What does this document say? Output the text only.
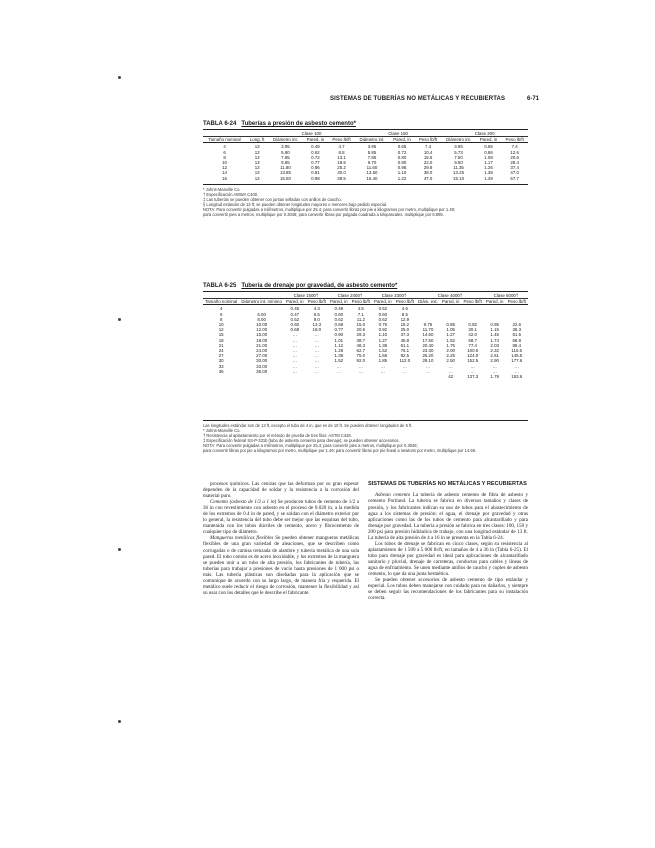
SISTEMAS DE TUBERÍAS NO METÁLICAS Y RECUBIERTAS	6-71
TABLA 6-24 Tuberías a presión de asbesto cemento*
		Clase 100			Clase 150			Clase 200		
Tamaño nominal	Long. ft	Diámetro int.	Pared, in	Peso lb/ft	Diámetro int.	Pared, in	Peso lb/ft	Diámetro int.	Pared, in	Peso lb/ft
4	13	3.95	0.49	4.7	3.95	0.65	7.4	3.95	0.65	7.4
6	13	5.90	0.62	8.8	5.85	0.72	10.4	5.73	0.86	12.6
8	13	7.85	0.72	13.1	7.85	0.80	15.5	7.50	1.08	20.6
10	13	9.85	0.77	18.5	9.70	0.90	22.0	9.50	1.17	28.4
12	13	11.80	0.86	25.2	11.60	0.98	29.8	11.35	1.26	37.4
14	13	13.85	0.91	30.0	13.50	1.10	38.0	13.25	1.38	47.0
16	13	15.50	0.98	38.5	15.40	1.22	47.0	15.10	1.49	57.7
* Johns-Manville Co.
† Especificación AWWA C400.
‡ Las tuberías se pueden obtener con juntas selladas con anillos de caucho.
§ Longitud estándar de 13 ft; se pueden obtener longitudes mayores o menores bajo pedido especial.
NOTA: Para convertir pulgadas a milímetros, multiplique por 25.4; para convertir libras por pie a kilogramos por metro, multiplique por 1.49;
para convertir pies a metros, multiplique por 0.3048; para convertir libras por pulgada cuadrada a kilopascales, multiplique por 6.895.
TABLA 6-25 Tubería de drenaje por gravedad, de asbesto cemento*
		Clase 1500†		Clase 2400†		Clase 3300†		Clase 4000†			Clase 5000†	
Tamaño nominal	Diámetro int. mínimo	Pared, in	Peso lb/ft	Pared, in	Peso lb/ft	Pared, in	Peso lb/ft	Diám. ext.	Pared, in	Peso lb/ft	Pared, in	Peso lb/ft
4		0.45	4.3	0.49	4.5	0.52	4.6					
6	6.00	0.47	6.5	0.60	7.1	0.60	8.5					
8	8.00	0.52	9.0	0.62	11.2	0.62	12.9					
10	10.00	0.60	13.3	0.68	15.0	0.76	18.2	9.75	0.85	0.82	0.95	22.6
12	12.00	0.68	18.0	0.77	20.6	0.92	25.0	11.70	1.05	30.1	1.15	36.3
15	15.00	…	…	0.90	29.3	1.10	37.3	14.60	1.27	42.0	1.45	51.5
18	18.00	…	…	1.01	38.7	1.27	45.8	17.50	1.52	58.7	1.74	68.9
21	21.00	…	…	1.12	48.3	1.38	61.1	20.40	1.75	77.4	2.03	89.4
24	24.00	…	…	1.28	62.7	1.52	76.1	23.30	2.00	100.0	2.32	116.6
27	27.00	…	…	1.39	75.0	1.68	92.5	26.20	2.25	124.0	2.61	145.5
30	30.00	…	…	1.52	92.0	1.85	112.0	29.10	2.50	152.5	2.90	177.6
33	33.00	…	…	…	…	…	…	…	…	…	…	…
36	36.00	…	…	…	…	…	…	…	…	…	…	…
									42	137.3	1.79	153.6
Las longitudes estándar son de 13 ft, excepto el tubo de 4 in, que es de 10 ft. Se pueden obtener longitudes de 5 ft.
* Johns-Manville Co.
† Resistencia al aplastamiento por el método de prueba de tres filos: ASTM C428.
‡ Especificación federal SS-P-331b (tubo de asbesto cemento para drenaje); se pueden obtener accesorios.
NOTA: Para convertir pulgadas a milímetros, multiplique por 25.4; para convertir pies a metros, multiplique por 0.3048;
para convertir libras por pie a kilogramos por metro, multiplique por 1.49; para convertir libras por pie lineal a newtons por metro, multiplique por 14.59.

procesos químicos. Las cenizas que las deforman por su gran espesor dependen de la capacidad de soldar y la resistencia a la corrosión del material puro.

Cemento (asbesto de 1/2 a 1 in) Se producen tubos de cemento de 1/2 a 36 in con revestimiento con asbesto en el proceso de 0.020 in, a la medida de los extremos de 0.4 in de pared, y se soldan con el diámetro exterior por lo general, la resistencia del tubo debe ser mejor que las esquinas del tubo, mantenida con los tubos dúctiles de cemento, acero y fibrocemento de cualquier tipo de diámetro.

Mangueras metálicas flexibles Se pueden obtener mangueras metálicas flexibles de una gran variedad de aleaciones, que se describen como corrugadas o de camisa trenzada de alambre y tubería metálica de una sola pared. El tubo común es de acero inoxidable, y los extremos de la manguera se pueden unir a un tubo de alta presión, los fabricantes de tubería, las tuberías para trabajar a presiones de vacío hasta presiones de 1 000 psi o más. Las tubería plásticas son diseñadas para la aplicación que se comunique de acuerdo con su largo largo, de manera fría y requerida. El metálico suele reducir el riesgo de corrosión, mantener la flexibilidad y así su usar con los detalles que le describe el fabricante.

SISTEMAS DE TUBERÍAS NO METÁLICAS Y RECUBIERTAS

Asbesto cemento La tubería de asbesto cemento de fibra de asbesto y cemento Portland. La tubería se fabrica en diversos tamaños y clases de presión, y los fabricantes indican su uso de tubos para el abastecimiento de agua a los sistemas de presión; el agua, el drenaje por gravedad y otras aplicaciones como las de los tubos de cemento para alcantarillado y para drenaje por gravedad. La tubería a presión se fabrica en tres clases: 100, 150 y 200 psi para presión hidráulica de trabajo, con una longitud estándar de 13 ft. La tubería de alta presión de 4 a 16 in se presenta en la Tabla 6-24.

Los tubos de drenaje se fabrican en cinco clases, según su resistencia al aplastamiento de 1 500 a 5 000 lb/ft, en tamaños de 4 a 36 in (Tabla 6-25). El tubo para drenaje por gravedad es ideal para aplicaciones de alcantarillado sanitario y pluvial, drenaje de carreteras, conductos para cables y líneas de agua de enfriamiento. Se unen mediante anillos de caucho y coples de asbesto cemento, lo que da una junta hermética.

Se pueden obtener accesorios de asbesto cemento de tipo estándar y especial. Los tubos deben manejarse con cuidado para no dañarlos, y siempre se deben seguir las recomendaciones de los fabricantes para su instalación correcta.
